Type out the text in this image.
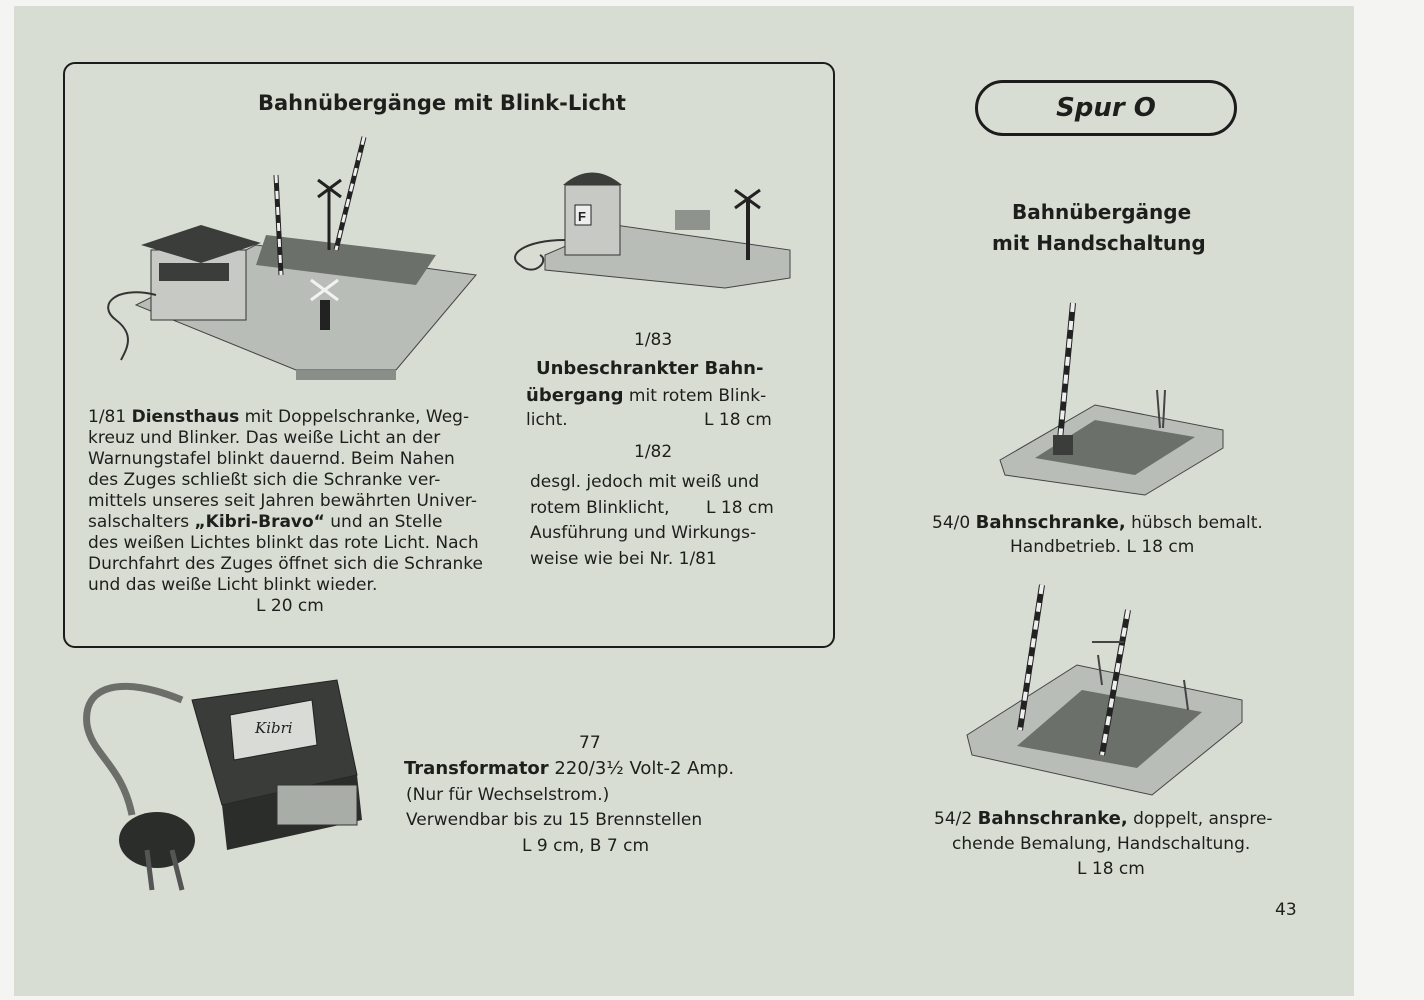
Bahnübergänge mit Blink-Licht
F
1/81 Diensthaus mit Doppelschranke, Weg-
kreuz und Blinker. Das weiße Licht an der
Warnungstafel blinkt dauernd. Beim Nahen
des Zuges schließt sich die Schranke ver-
mittels unseres seit Jahren bewährten Univer-
salschalters „Kibri-Bravo“ und an Stelle
des weißen Lichtes blinkt das rote Licht. Nach
Durchfahrt des Zuges öffnet sich die Schranke
und das weiße Licht blinkt wieder.
L 20 cm
1/83
Unbeschrankter Bahn-
übergang mit rotem Blink-
licht.	L 18 cm
1/82
desgl. jedoch mit weiß und
rotem Blinklicht, L 18 cm
Ausführung und Wirkungs-
weise wie bei Nr. 1/81
Kibri
77
Transformator 220/3½ Volt-2 Amp.
(Nur für Wechselstrom.)
Verwendbar bis zu 15 Brennstellen
L 9 cm, B 7 cm
Spur O
Bahnübergänge
mit Handschaltung
54/0 Bahnschranke, hübsch bemalt.
Handbetrieb. L 18 cm
54/2 Bahnschranke, doppelt, anspre-
chende Bemalung, Handschaltung.
L 18 cm
43
